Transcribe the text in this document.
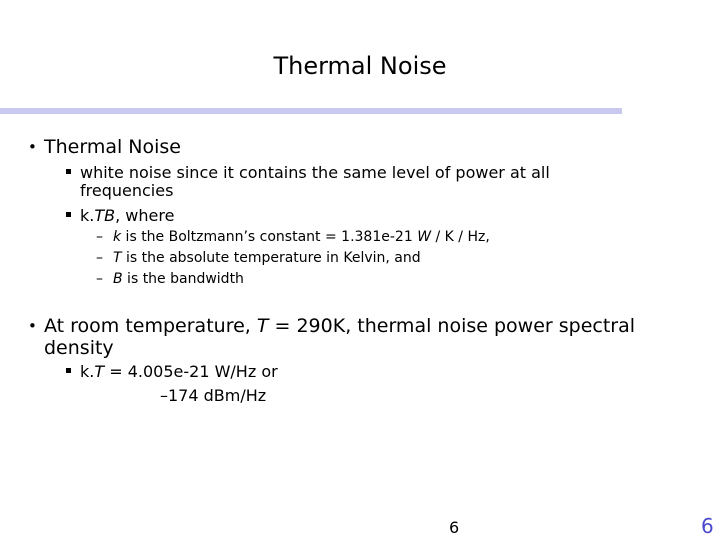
Thermal Noise
• Thermal Noise
white noise since it contains the same level of power at all
frequencies
k.TB, where
– k is the Boltzmann’s constant = 1.381e-21 W / K / Hz,
– T is the absolute temperature in Kelvin, and
– B is the bandwidth
• At room temperature, T = 290K, thermal noise power spectral
density
k.T = 4.005e-21 W/Hz or
–174 dBm/Hz
6	6
